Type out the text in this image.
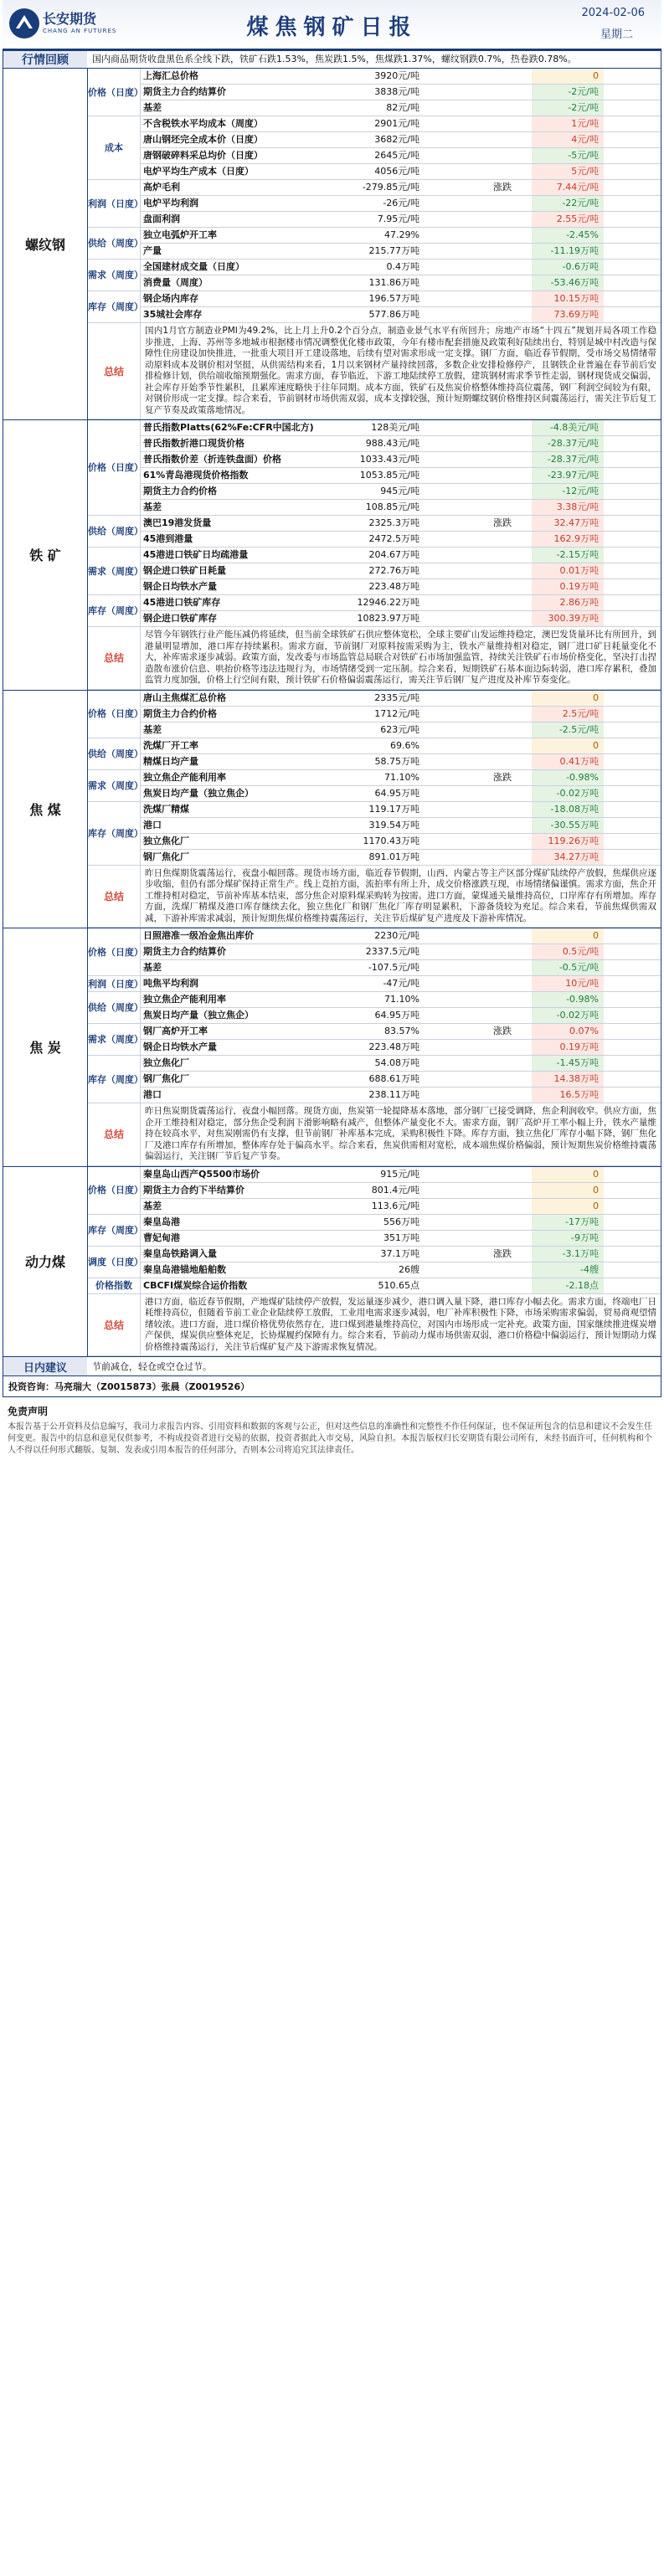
长安期货
CHANG AN FUTURES	煤焦钢矿日报
2024-02-06
星期二
行情回顾	国内商品期货收盘黑色系全线下跌，铁矿石跌1.53%，焦炭跌1.5%，焦煤跌1.37%，螺纹钢跌0.7%，热卷跌0.78%。
螺纹钢
价格（日度）
上海汇总价格	3920元/吨	0
期货主力合约结算价	3838元/吨	-2元/吨
基差	82元/吨	-2元/吨
成本
不含税铁水平均成本（周度）	2901元/吨	1元/吨
唐山钢坯完全成本价（日度）	3682元/吨	4元/吨
唐钢破碎料采总均价（日度）	2645元/吨	-5元/吨
电炉平均生产成本（日度）	4056元/吨	5元/吨
利润（日度）
高炉毛利	-279.85元/吨	涨跌	7.44元/吨
电炉平均利润	-26元/吨	-22元/吨
盘面利润	7.95元/吨	2.55元/吨
供给（周度）
独立电弧炉开工率	47.29%	-2.45%
产量	215.77万吨	-11.19万吨
需求（周度）
全国建材成交量（日度）	0.4万吨	-0.6万吨
消费量（周度）	131.86万吨	-53.46万吨
库存（周度）
钢企场内库存	196.57万吨	10.15万吨
35城社会库存	577.86万吨	73.69万吨
总结
国内1月官方制造业PMI为49.2%，比上月上升0.2个百分点，制造业景气水平有所回升；房地产市场“十四五”规划开局各项工作稳步推进，上海、苏州等多地城市根据楼市情况调整优化楼市政策，今年有楼市配套措施及政策利好陆续出台，特别是城中村改造与保障性住房建设加快推进，一批重大项目开工建设落地，后续有望对需求形成一定支撑。钢厂方面，临近春节假期，受市场交易情绪带动原料成本及钢价相对坚挺，从供需结构来看，1月以来钢材产量持续回落，多数企业安排检修停产，且钢铁企业普遍在春节前后安排检修计划，供给端收缩预期强化。需求方面，春节临近，下游工地陆续停工放假，建筑钢材需求季节性走弱，钢材现货成交偏弱，社会库存开始季节性累积，且累库速度略快于往年同期。成本方面，铁矿石及焦炭价格整体维持高位震荡，钢厂利润空间较为有限，对钢价形成一定支撑。综合来看，节前钢材市场供需双弱，成本支撑较强，预计短期螺纹钢价格维持区间震荡运行，需关注节后复工复产节奏及政策落地情况。
铁 矿
价格（日度）
普氏指数Platts(62%Fe:CFR中国北方)	128美元/吨	-4.8美元/吨
普氏指数折港口现货价格	988.43元/吨	-28.37元/吨
普氏指数价差（折连铁盘面）价格	1033.43元/吨	-28.37元/吨
61%青岛港现货价格指数	1053.85元/吨	-23.97元/吨
期货主力合约价格	945元/吨	-12元/吨
基差	108.85元/吨	3.38元/吨
供给（周度）
澳巴19港发货量	2325.3万吨	涨跌	32.47万吨
45港到港量	2472.5万吨	162.9万吨
需求（周度）
45港进口铁矿日均疏港量	204.67万吨	-2.15万吨
钢企进口铁矿日耗量	272.76万吨	0.01万吨
钢企日均铁水产量	223.48万吨	0.19万吨
库存（周度）
45港进口铁矿库存	12946.22万吨	2.86万吨
钢企进口铁矿库存	10823.97万吨	300.39万吨
总结
尽管今年钢铁行业产能压减仍将延续，但当前全球铁矿石供应整体宽松，全球主要矿山发运维持稳定，澳巴发货量环比有所回升，到港量明显增加，港口库存持续累积。需求方面，节前钢厂对原料按需采购为主，铁水产量维持相对稳定，钢厂进口矿日耗量变化不大，补库需求逐步减弱。政策方面，发改委与市场监管总局联合对铁矿石市场加强监管，持续关注铁矿石市场价格变化，坚决打击捏造散布涨价信息、哄抬价格等违法违规行为，市场情绪受到一定压制。综合来看，短期铁矿石基本面边际转弱，港口库存累积，叠加监管力度加强，价格上行空间有限，预计铁矿石价格偏弱震荡运行，需关注节后钢厂复产进度及补库节奏变化。
焦 煤
价格（日度）
唐山主焦煤汇总价格	2335元/吨	0
期货主力合约价格	1712元/吨	2.5元/吨
基差	623元/吨	-2.5元/吨
供给（周度）
洗煤厂开工率	69.6%	0
精煤日均产量	58.75万吨	0.41万吨
需求（周度）
独立焦企产能利用率	71.10%	涨跌	-0.98%
焦炭日均产量（独立焦企）	64.95万吨	-0.02万吨
库存（周度）
洗煤厂精煤	119.17万吨	-18.08万吨
港口	319.54万吨	-30.55万吨
独立焦化厂	1170.43万吨	119.26万吨
钢厂焦化厂	891.01万吨	34.27万吨
总结
昨日焦煤期货震荡运行，夜盘小幅回落。现货市场方面，临近春节假期，山西、内蒙古等主产区部分煤矿陆续停产放假，焦煤供应逐步收缩，但仍有部分煤矿保持正常生产。线上竞拍方面，流拍率有所上升，成交价格涨跌互现，市场情绪偏谨慎。需求方面，焦企开工维持相对稳定，节前补库基本结束，部分焦企对原料煤采购转为按需。进口方面，蒙煤通关量维持高位，口岸库存有所增加。库存方面，洗煤厂精煤及港口库存继续去化，独立焦化厂和钢厂焦化厂库存明显累积，下游备货较为充足。综合来看，节前焦煤供需双减，下游补库需求减弱，预计短期焦煤价格维持震荡运行，关注节后煤矿复产进度及下游补库情况。
焦 炭
价格（日度）
日照港准一级冶金焦出库价	2230元/吨	0
期货主力合约结算价	2337.5元/吨	0.5元/吨
基差	-107.5元/吨	-0.5元/吨
利润（日度） 吨焦平均利润	-47元/吨	10元/吨
供给（周度）
独立焦企产能利用率	71.10%	-0.98%
焦炭日均产量（独立焦企）	64.95万吨	-0.02万吨
需求（周度）
钢厂高炉开工率	83.57%	涨跌	0.07%
钢企日均铁水产量	223.48万吨	0.19万吨
库存（周度）
独立焦化厂	54.08万吨	-1.45万吨
钢厂焦化厂	688.61万吨	14.38万吨
港口	238.11万吨	16.5万吨
总结
昨日焦炭期货震荡运行，夜盘小幅回落。现货方面，焦炭第一轮提降基本落地，部分钢厂已接受调降，焦企利润收窄。供应方面，焦企开工维持相对稳定，部分焦企受利润下滑影响略有减产，但整体产量变化不大。需求方面，钢厂高炉开工率小幅上升，铁水产量维持在较高水平，对焦炭刚需仍有支撑，但节前钢厂补库基本完成，采购积极性下降。库存方面，独立焦化厂库存小幅下降，钢厂焦化厂及港口库存有所增加，整体库存处于偏高水平。综合来看，焦炭供需相对宽松，成本端焦煤价格偏弱，预计短期焦炭价格维持震荡偏弱运行，关注钢厂节后复产节奏。
动力煤
价格（日度）
秦皇岛山西产Q5500市场价	915元/吨	0
期货主力合约下半结算价	801.4元/吨	0
基差	113.6元/吨	0
库存（周度）
秦皇岛港	556万吨	-17万吨
曹妃甸港	351万吨	-9万吨
调度（日度）
秦皇岛铁路调入量	37.1万吨	涨跌	-3.1万吨
秦皇岛港锚地船舶数	26艘	-4艘
价格指数	CBCFI煤炭综合运价指数	510.65点	-2.18点
总结
港口方面，临近春节假期，产地煤矿陆续停产放假，发运量逐步减少，港口调入量下降，港口库存小幅去化。需求方面，终端电厂日耗维持高位，但随着节前工业企业陆续停工放假，工业用电需求逐步减弱，电厂补库积极性下降，市场采购需求偏弱，贸易商观望情绪较浓。进口方面，进口煤价格优势依然存在，进口煤到港量维持高位，对国内市场形成一定补充。政策方面，国家继续推进煤炭增产保供，煤炭供应整体充足，长协煤履约保障有力。综合来看，节前动力煤市场供需双弱，港口价格稳中偏弱运行，预计短期动力煤价格维持震荡运行，关注节后煤矿复产及下游需求恢复情况。
日内建议	节前减仓，轻仓或空仓过节。
投资咨询：马亮瑞大（Z0015873）张晨（Z0019526）
免责声明
本报告基于公开资料及信息编写，我司力求报告内容、引用资料和数据的客观与公正，但对这些信息的准确性和完整性不作任何保证，也不保证所包含的信息和建议不会发生任何变更。报告中的信息和意见仅供参考，不构成投资者进行交易的依据，投资者据此入市交易，风险自担。本报告版权归长安期货有限公司所有，未经书面许可，任何机构和个人不得以任何形式翻版、复制、发表或引用本报告的任何部分，否则本公司将追究其法律责任。
